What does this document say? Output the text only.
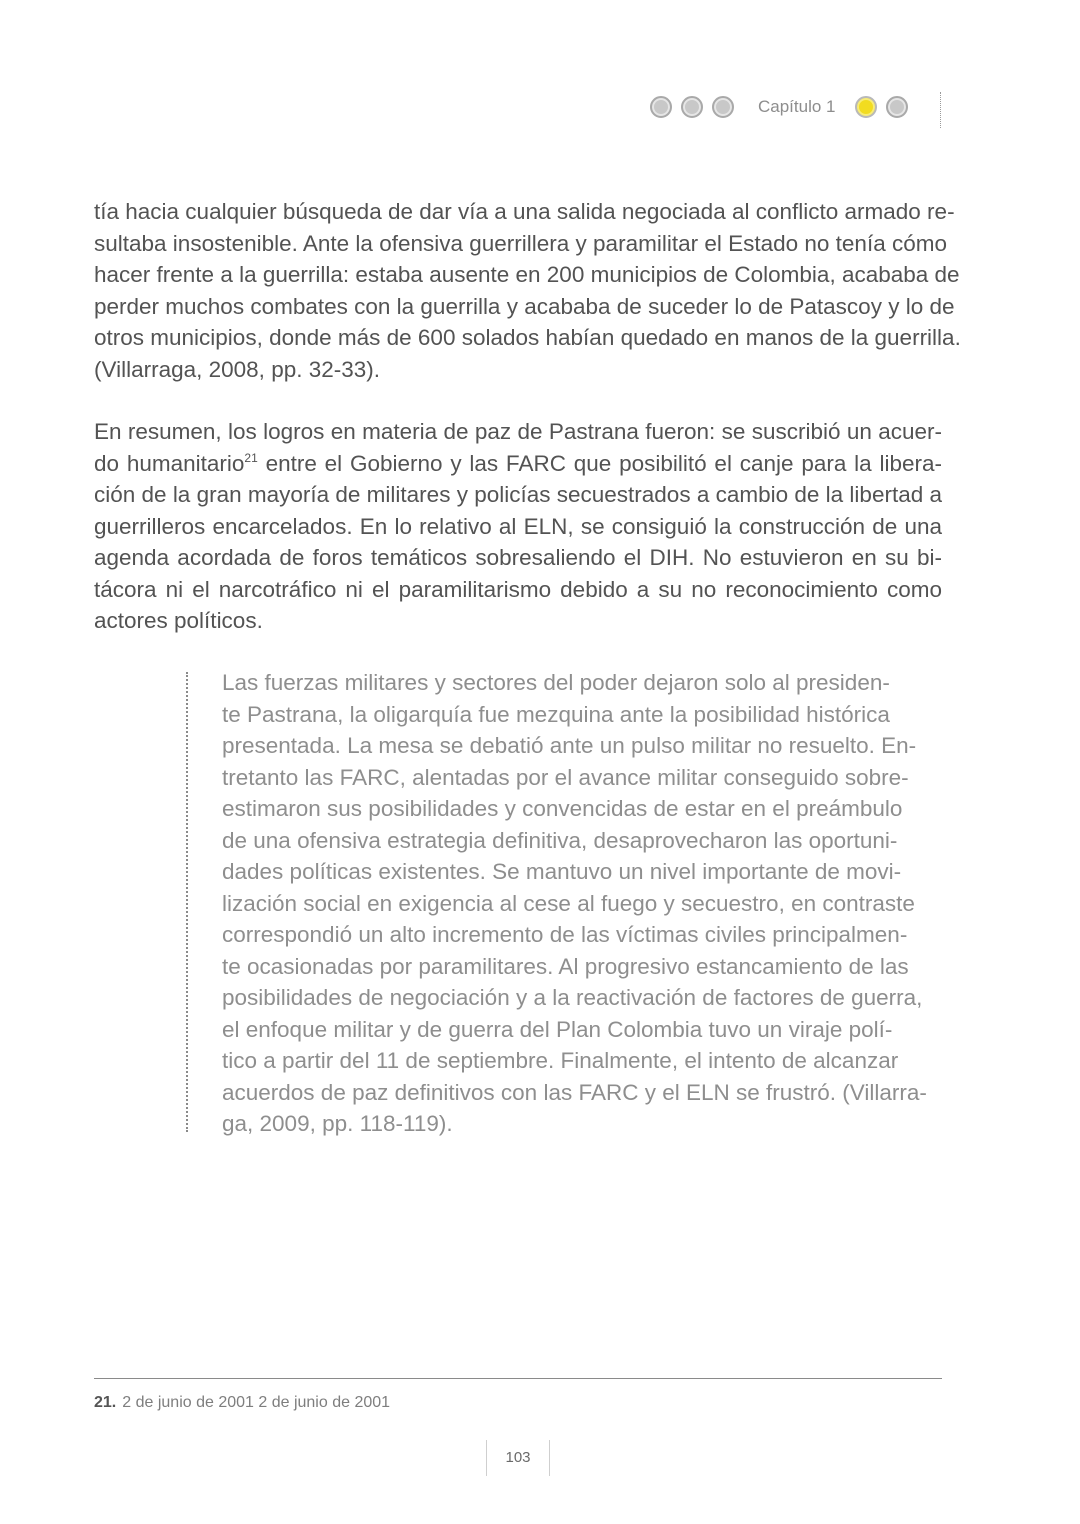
Capítulo 1

tía hacia cualquier búsqueda de dar vía a una salida negociada al conflicto armado re-
sultaba insostenible. Ante la ofensiva guerrillera y paramilitar el Estado no tenía cómo
hacer frente a la guerrilla: estaba ausente en 200 municipios de Colombia, acababa de
perder muchos combates con la guerrilla y acababa de suceder lo de Patascoy y lo de
otros municipios, donde más de 600 solados habían quedado en manos de la guerrilla.
(Villarraga, 2008, pp. 32-33).

En resumen, los logros en materia de paz de Pastrana fueron: se suscribió un acuer-
do humanitario$^{21}$ entre el Gobierno y las FARC que posibilitó el canje para la libera-
ción de la gran mayoría de militares y policías secuestrados a cambio de la libertad a
guerrilleros encarcelados. En lo relativo al ELN, se consiguió la construcción de una
agenda acordada de foros temáticos sobresaliendo el DIH. No estuvieron en su bi-
tácora ni el narcotráfico ni el paramilitarismo debido a su no reconocimiento como
actores políticos.

Las fuerzas militares y sectores del poder dejaron solo al presiden-
te Pastrana, la oligarquía fue mezquina ante la posibilidad histórica
presentada. La mesa se debatió ante un pulso militar no resuelto. En-
tretanto las FARC, alentadas por el avance militar conseguido sobre-
estimaron sus posibilidades y convencidas de estar en el preámbulo
de una ofensiva estrategia definitiva, desaprovecharon las oportuni-
dades políticas existentes. Se mantuvo un nivel importante de movi-
lización social en exigencia al cese al fuego y secuestro, en contraste
correspondió un alto incremento de las víctimas civiles principalmen-
te ocasionadas por paramilitares. Al progresivo estancamiento de las
posibilidades de negociación y a la reactivación de factores de guerra,
el enfoque militar y de guerra del Plan Colombia tuvo un viraje polí-
tico a partir del 11 de septiembre. Finalmente, el intento de alcanzar
acuerdos de paz definitivos con las FARC y el ELN se frustró. (Villarra-
ga, 2009, pp. 118-119).

21. 2 de junio de 2001 2 de junio de 2001
103
